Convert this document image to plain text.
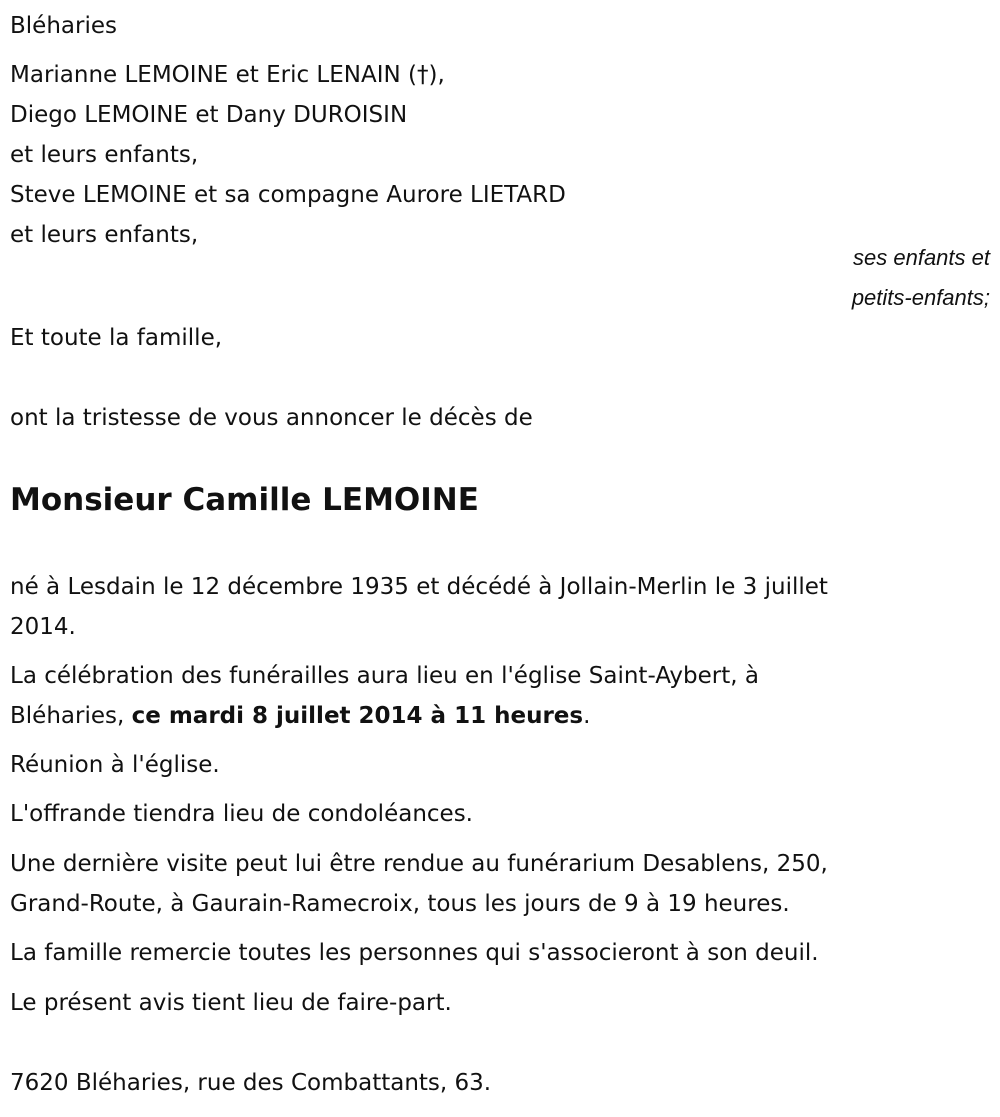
Bléharies
Marianne LEMOINE et Eric LENAIN (†),
Diego LEMOINE et Dany DUROISIN
et leurs enfants,
Steve LEMOINE et sa compagne Aurore LIETARD
et leurs enfants,
ses enfants et
petits-enfants;
Et toute la famille,
ont la tristesse de vous annoncer le décès de
Monsieur Camille LEMOINE
né à Lesdain le 12 décembre 1935 et décédé à Jollain-Merlin le 3 juillet
2014.
La célébration des funérailles aura lieu en l'église Saint-Aybert, à
Bléharies, ce mardi 8 juillet 2014 à 11 heures.
Réunion à l'église.
L'offrande tiendra lieu de condoléances.
Une dernière visite peut lui être rendue au funérarium Desablens, 250,
Grand-Route, à Gaurain-Ramecroix, tous les jours de 9 à 19 heures.
La famille remercie toutes les personnes qui s'associeront à son deuil.
Le présent avis tient lieu de faire-part.
7620 Bléharies, rue des Combattants, 63.
